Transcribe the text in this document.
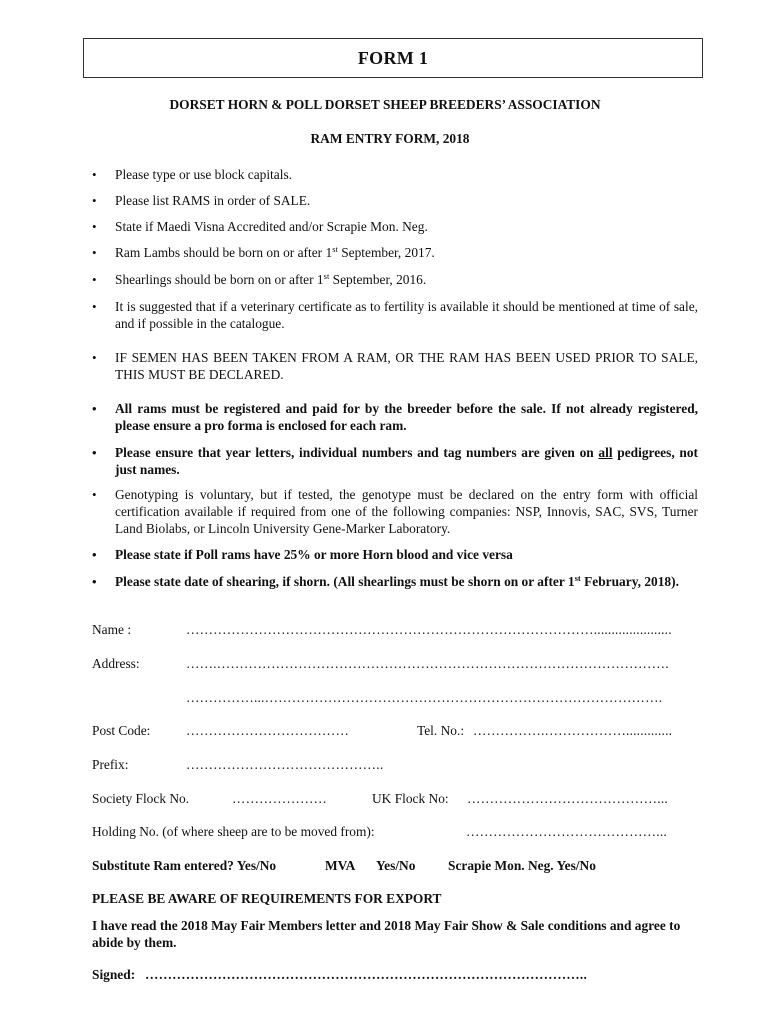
FORM 1
DORSET HORN & POLL DORSET SHEEP BREEDERS’ ASSOCIATION
RAM ENTRY FORM, 2018
•	Please type or use block capitals.
•	Please list RAMS in order of SALE.
•	State if Maedi Visna Accredited and/or Scrapie Mon. Neg.
•	Ram Lambs should be born on or after 1st September, 2017.
•	Shearlings should be born on or after 1st September, 2016.
•	It is suggested that if a veterinary certificate as to fertility is available it should be mentioned at time of sale, and if possible in the catalogue.
•	IF SEMEN HAS BEEN TAKEN FROM A RAM, OR THE RAM HAS BEEN USED PRIOR TO SALE, THIS MUST BE DECLARED.
•	All rams must be registered and paid for by the breeder before the sale. If not already registered, please ensure a pro forma is enclosed for each ram.
•	Please ensure that year letters, individual numbers and tag numbers are given on all pedigrees, not just names.
•	Genotyping is voluntary, but if tested, the genotype must be declared on the entry form with official certification available if required from one of the following companies: NSP, Innovis, SAC, SVS, Turner Land Biolabs, or Lincoln University Gene-Marker Laboratory.
•	Please state if Poll rams have 25% or more Horn blood and vice versa
•	Please state date of shearing, if shorn. (All shearlings must be shorn on or after 1st February, 2018).
Name :	………………………………………………………………………………......................
Address:	…….……………………………………………………………………………………….
……………...…………………………………………………………………………….
Post Code:	………………………………	Tel. No.: …………….……………….............
Prefix:	……………………………………..
Society Flock No.	…………………	UK Flock No: ……………………………………...
Holding No. (of where sheep are to be moved from):	……………………………………...
Substitute Ram entered? Yes/No	MVA Yes/No Scrapie Mon. Neg. Yes/No
PLEASE BE AWARE OF REQUIREMENTS FOR EXPORT
I have read the 2018 May Fair Members letter and 2018 May Fair Show & Sale conditions and agree to abide by them.
Signed: ……………………………………………………………………………………..
